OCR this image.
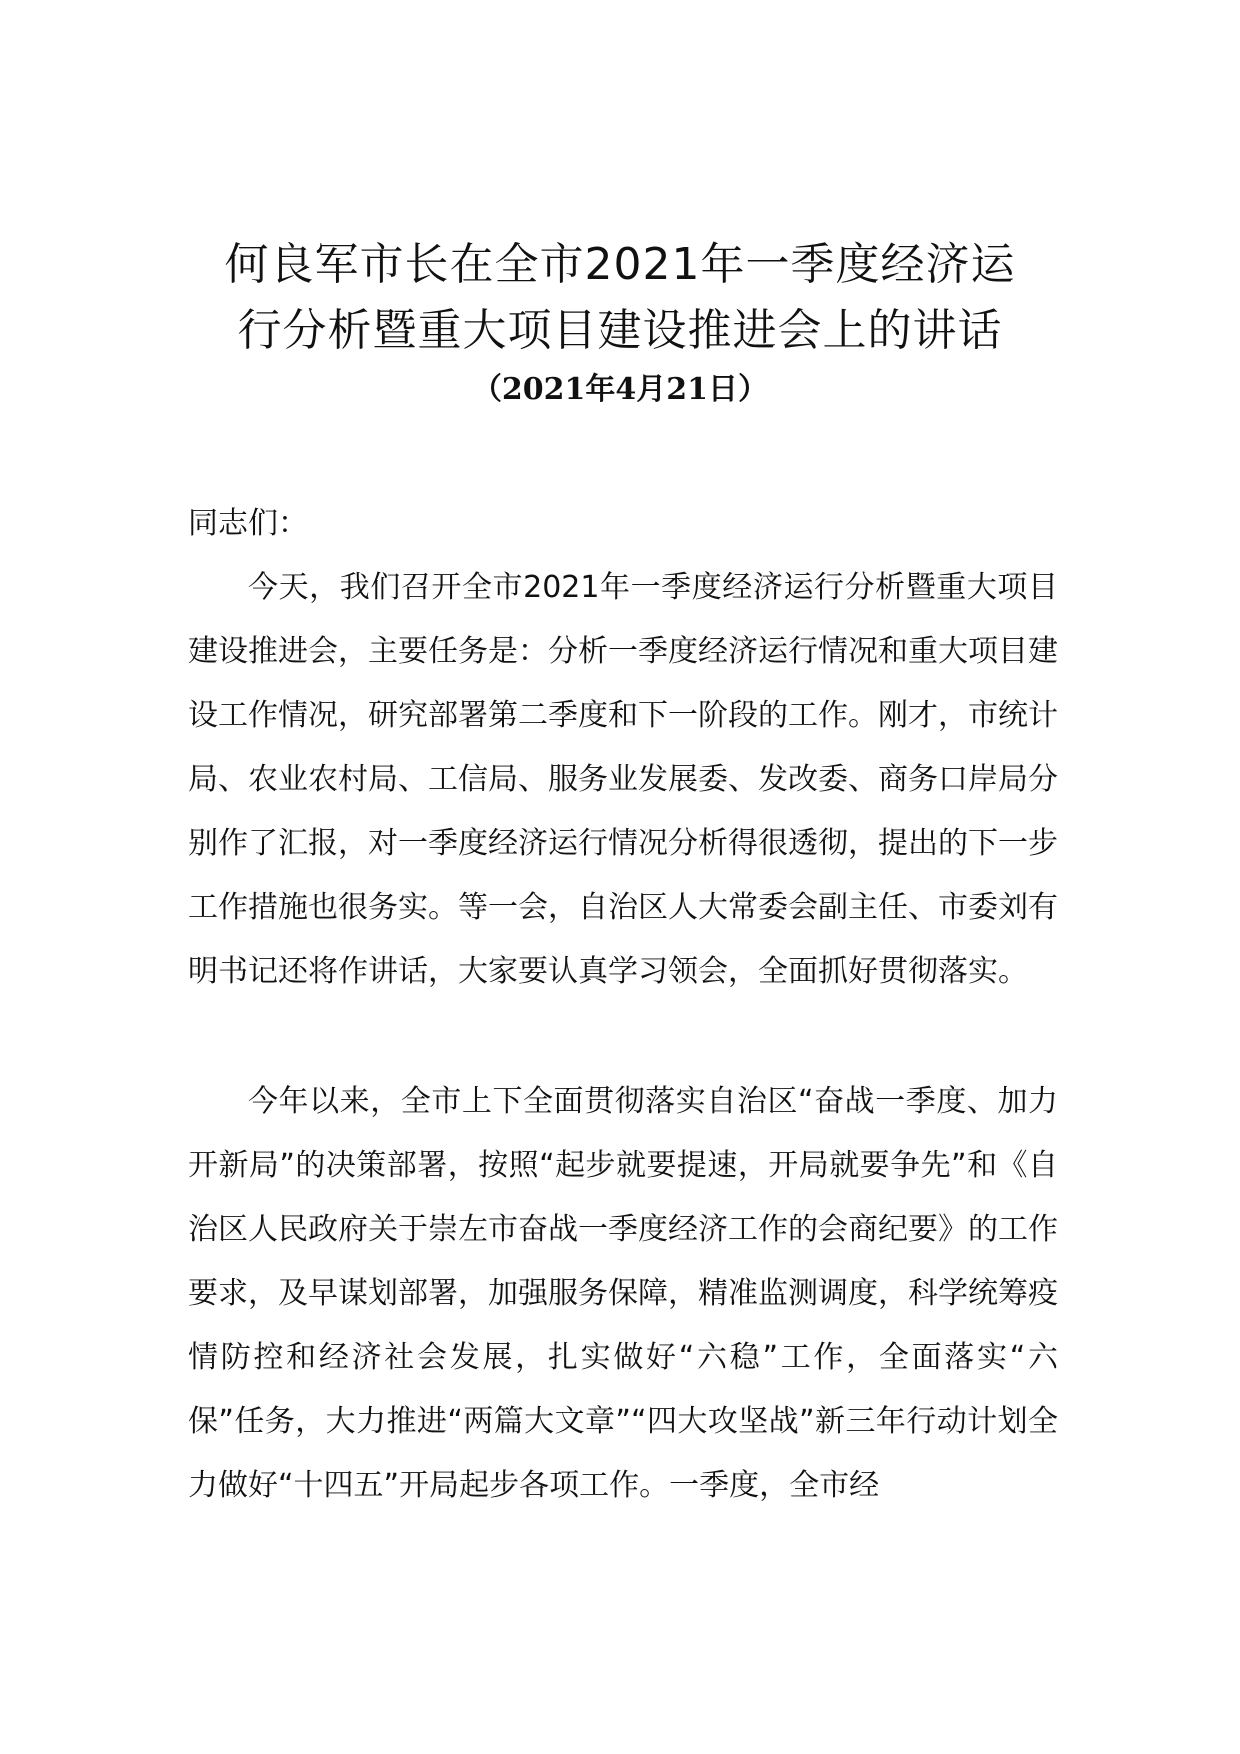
何良军市长在全市2021年一季度经济运
行分析暨重大项目建设推进会上的讲话
（2021年4月21日）

同志们：

今天，我们召开全市2021年一季度经济运行分析暨重大项目建设推进会，主要任务是：分析一季度经济运行情况和重大项目建设工作情况，研究部署第二季度和下一阶段的工作。刚才，市统计局、农业农村局、工信局、服务业发展委、发改委、商务口岸局分别作了汇报，对一季度经济运行情况分析得很透彻，提出的下一步工作措施也很务实。等一会，自治区人大常委会副主任、市委刘有明书记还将作讲话，大家要认真学习领会，全面抓好贯彻落实。

今年以来，全市上下全面贯彻落实自治区“奋战一季度、加力开新局”的决策部署，按照“起步就要提速，开局就要争先”和《自治区人民政府关于崇左市奋战一季度经济工作的会商纪要》的工作要求，及早谋划部署，加强服务保障，精准监测调度，科学统筹疫情防控和经济社会发展，扎实做好“六稳”工作，全面落实“六保”任务，大力推进“两篇大文章”“四大攻坚战”新三年行动计划全力做好“十四五”开局起步各项工作。一季度，全市经
